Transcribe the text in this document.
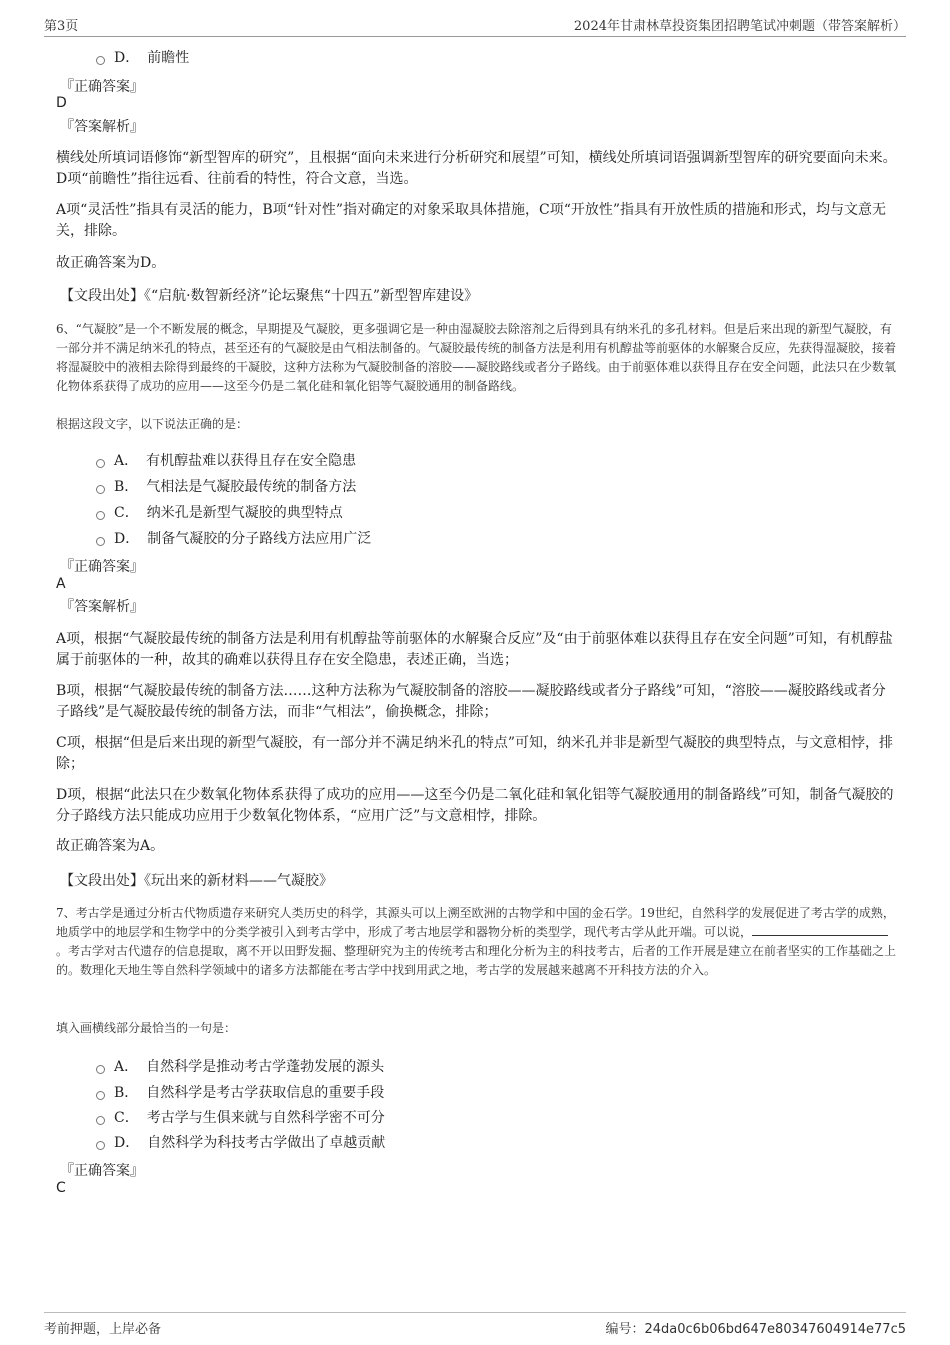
第3页	2024年甘肃林草投资集团招聘笔试冲刺题（带答案解析）
D． 前瞻性
『正确答案』
D
『答案解析』
横线处所填词语修饰“新型智库的研究”，且根据“面向未来进行分析研究和展望”可知，横线处所填词语强调新型智库的研究要面向未来。D项“前瞻性”指往远看、往前看的特性，符合文意，当选。
A项“灵活性”指具有灵活的能力，B项“针对性”指对确定的对象采取具体措施，C项“开放性”指具有开放性质的措施和形式，均与文意无关，排除。
故正确答案为D。
【文段出处】《“启航·数智新经济”论坛聚焦“十四五”新型智库建设》
6、“气凝胶”是一个不断发展的概念，早期提及气凝胶，更多强调它是一种由湿凝胶去除溶剂之后得到具有纳米孔的多孔材料。但是后来出现的新型气凝胶，有一部分并不满足纳米孔的特点，甚至还有的气凝胶是由气相法制备的。气凝胶最传统的制备方法是利用有机醇盐等前驱体的水解聚合反应，先获得湿凝胶，接着将湿凝胶中的液相去除得到最终的干凝胶，这种方法称为气凝胶制备的溶胶——凝胶路线或者分子路线。由于前驱体难以获得且存在安全问题，此法只在少数氧化物体系获得了成功的应用——这至今仍是二氧化硅和氧化铝等气凝胶通用的制备路线。
根据这段文字，以下说法正确的是：
A． 有机醇盐难以获得且存在安全隐患
B． 气相法是气凝胶最传统的制备方法
C． 纳米孔是新型气凝胶的典型特点
D． 制备气凝胶的分子路线方法应用广泛
『正确答案』
A
『答案解析』
A项，根据“气凝胶最传统的制备方法是利用有机醇盐等前驱体的水解聚合反应”及“由于前驱体难以获得且存在安全问题”可知，有机醇盐属于前驱体的一种，故其的确难以获得且存在安全隐患，表述正确，当选；
B项，根据“气凝胶最传统的制备方法……这种方法称为气凝胶制备的溶胶——凝胶路线或者分子路线”可知，“溶胶——凝胶路线或者分子路线”是气凝胶最传统的制备方法，而非“气相法”，偷换概念，排除；
C项，根据“但是后来出现的新型气凝胶，有一部分并不满足纳米孔的特点”可知，纳米孔并非是新型气凝胶的典型特点，与文意相悖，排除；
D项，根据“此法只在少数氧化物体系获得了成功的应用——这至今仍是二氧化硅和氧化铝等气凝胶通用的制备路线”可知，制备气凝胶的分子路线方法只能成功应用于少数氧化物体系，“应用广泛”与文意相悖，排除。
故正确答案为A。
【文段出处】《玩出来的新材料——气凝胶》
7、考古学是通过分析古代物质遗存来研究人类历史的科学，其源头可以上溯至欧洲的古物学和中国的金石学。19世纪，自然科学的发展促进了考古学的成熟，地质学中的地层学和生物学中的分类学被引入到考古学中，形成了考古地层学和器物分析的类型学，现代考古学从此开端。可以说，。考古学对古代遗存的信息提取，离不开以田野发掘、整理研究为主的传统考古和理化分析为主的科技考古，后者的工作开展是建立在前者坚实的工作基础之上的。数理化天地生等自然科学领域中的诸多方法都能在考古学中找到用武之地，考古学的发展越来越离不开科技方法的介入。
填入画横线部分最恰当的一句是：
A． 自然科学是推动考古学蓬勃发展的源头
B． 自然科学是考古学获取信息的重要手段
C． 考古学与生俱来就与自然科学密不可分
D． 自然科学为科技考古学做出了卓越贡献
『正确答案』
C
考前押题，上岸必备	编号：24da0c6b06bd647e80347604914e77c5
